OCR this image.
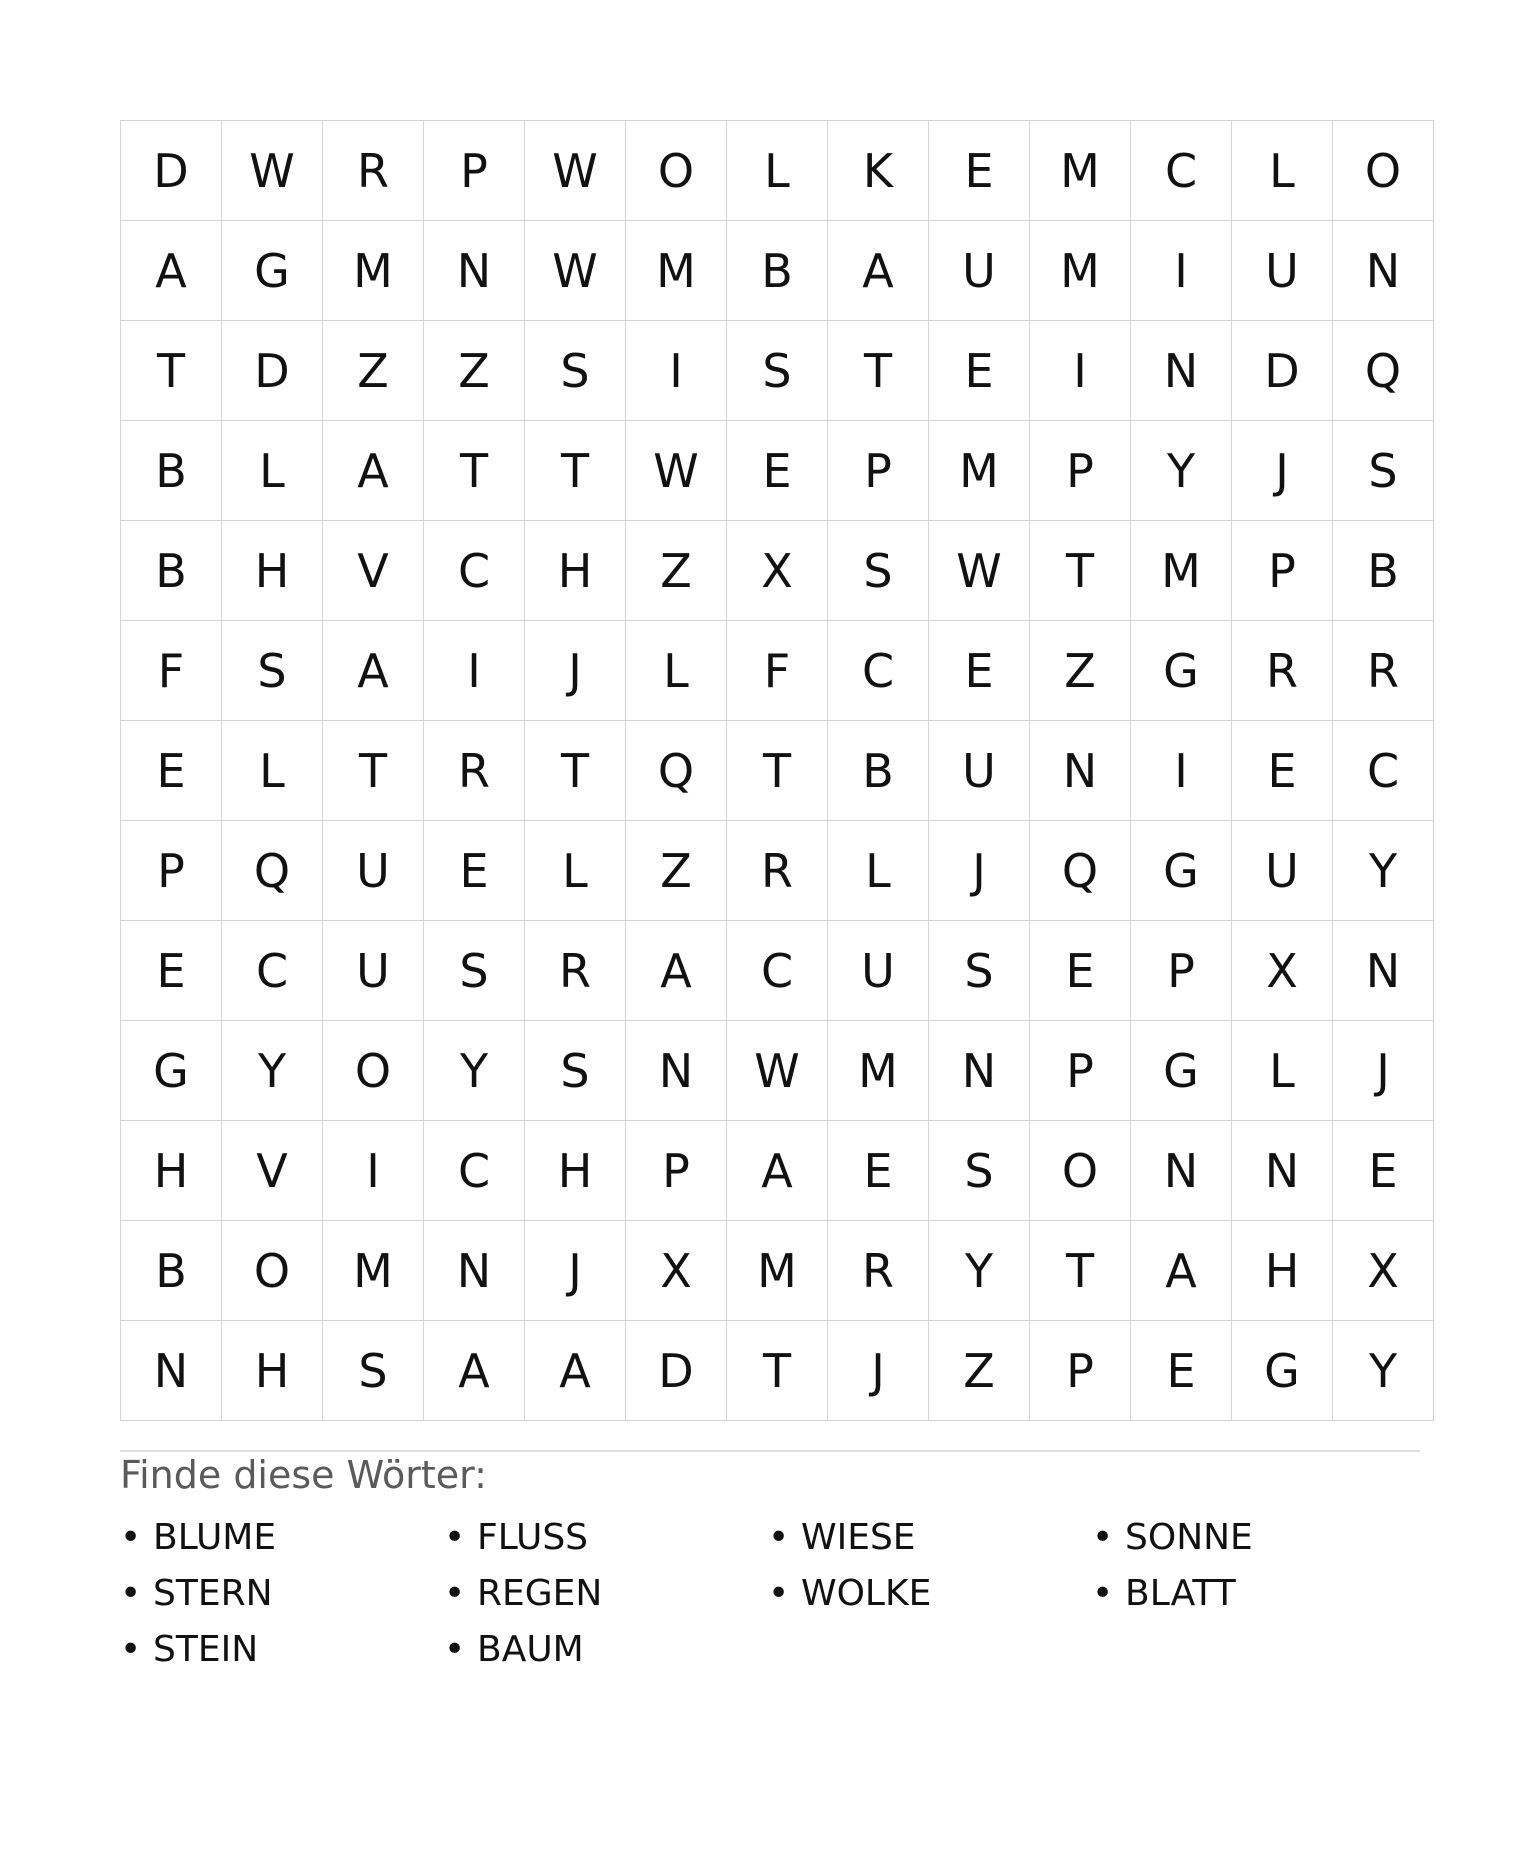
D	W	R	P	W	O	L	K	E	M	C	L	O
A	G	M	N	W	M	B	A	U	M	I	U	N
T	D	Z	Z	S	I	S	T	E	I	N	D	Q
B	L	A	T	T	W	E	P	M	P	Y	J	S
B	H	V	C	H	Z	X	S	W	T	M	P	B
F	S	A	I	J	L	F	C	E	Z	G	R	R
E	L	T	R	T	Q	T	B	U	N	I	E	C
P	Q	U	E	L	Z	R	L	J	Q	G	U	Y
E	C	U	S	R	A	C	U	S	E	P	X	N
G	Y	O	Y	S	N	W	M	N	P	G	L	J
H	V	I	C	H	P	A	E	S	O	N	N	E
B	O	M	N	J	X	M	R	Y	T	A	H	X
N	H	S	A	A	D	T	J	Z	P	E	G	Y
Finde diese Wörter:
• BLUME	• FLUSS	• WIESE	• SONNE
• STERN	• REGEN	• WOLKE	• BLATT
• STEIN	• BAUM
